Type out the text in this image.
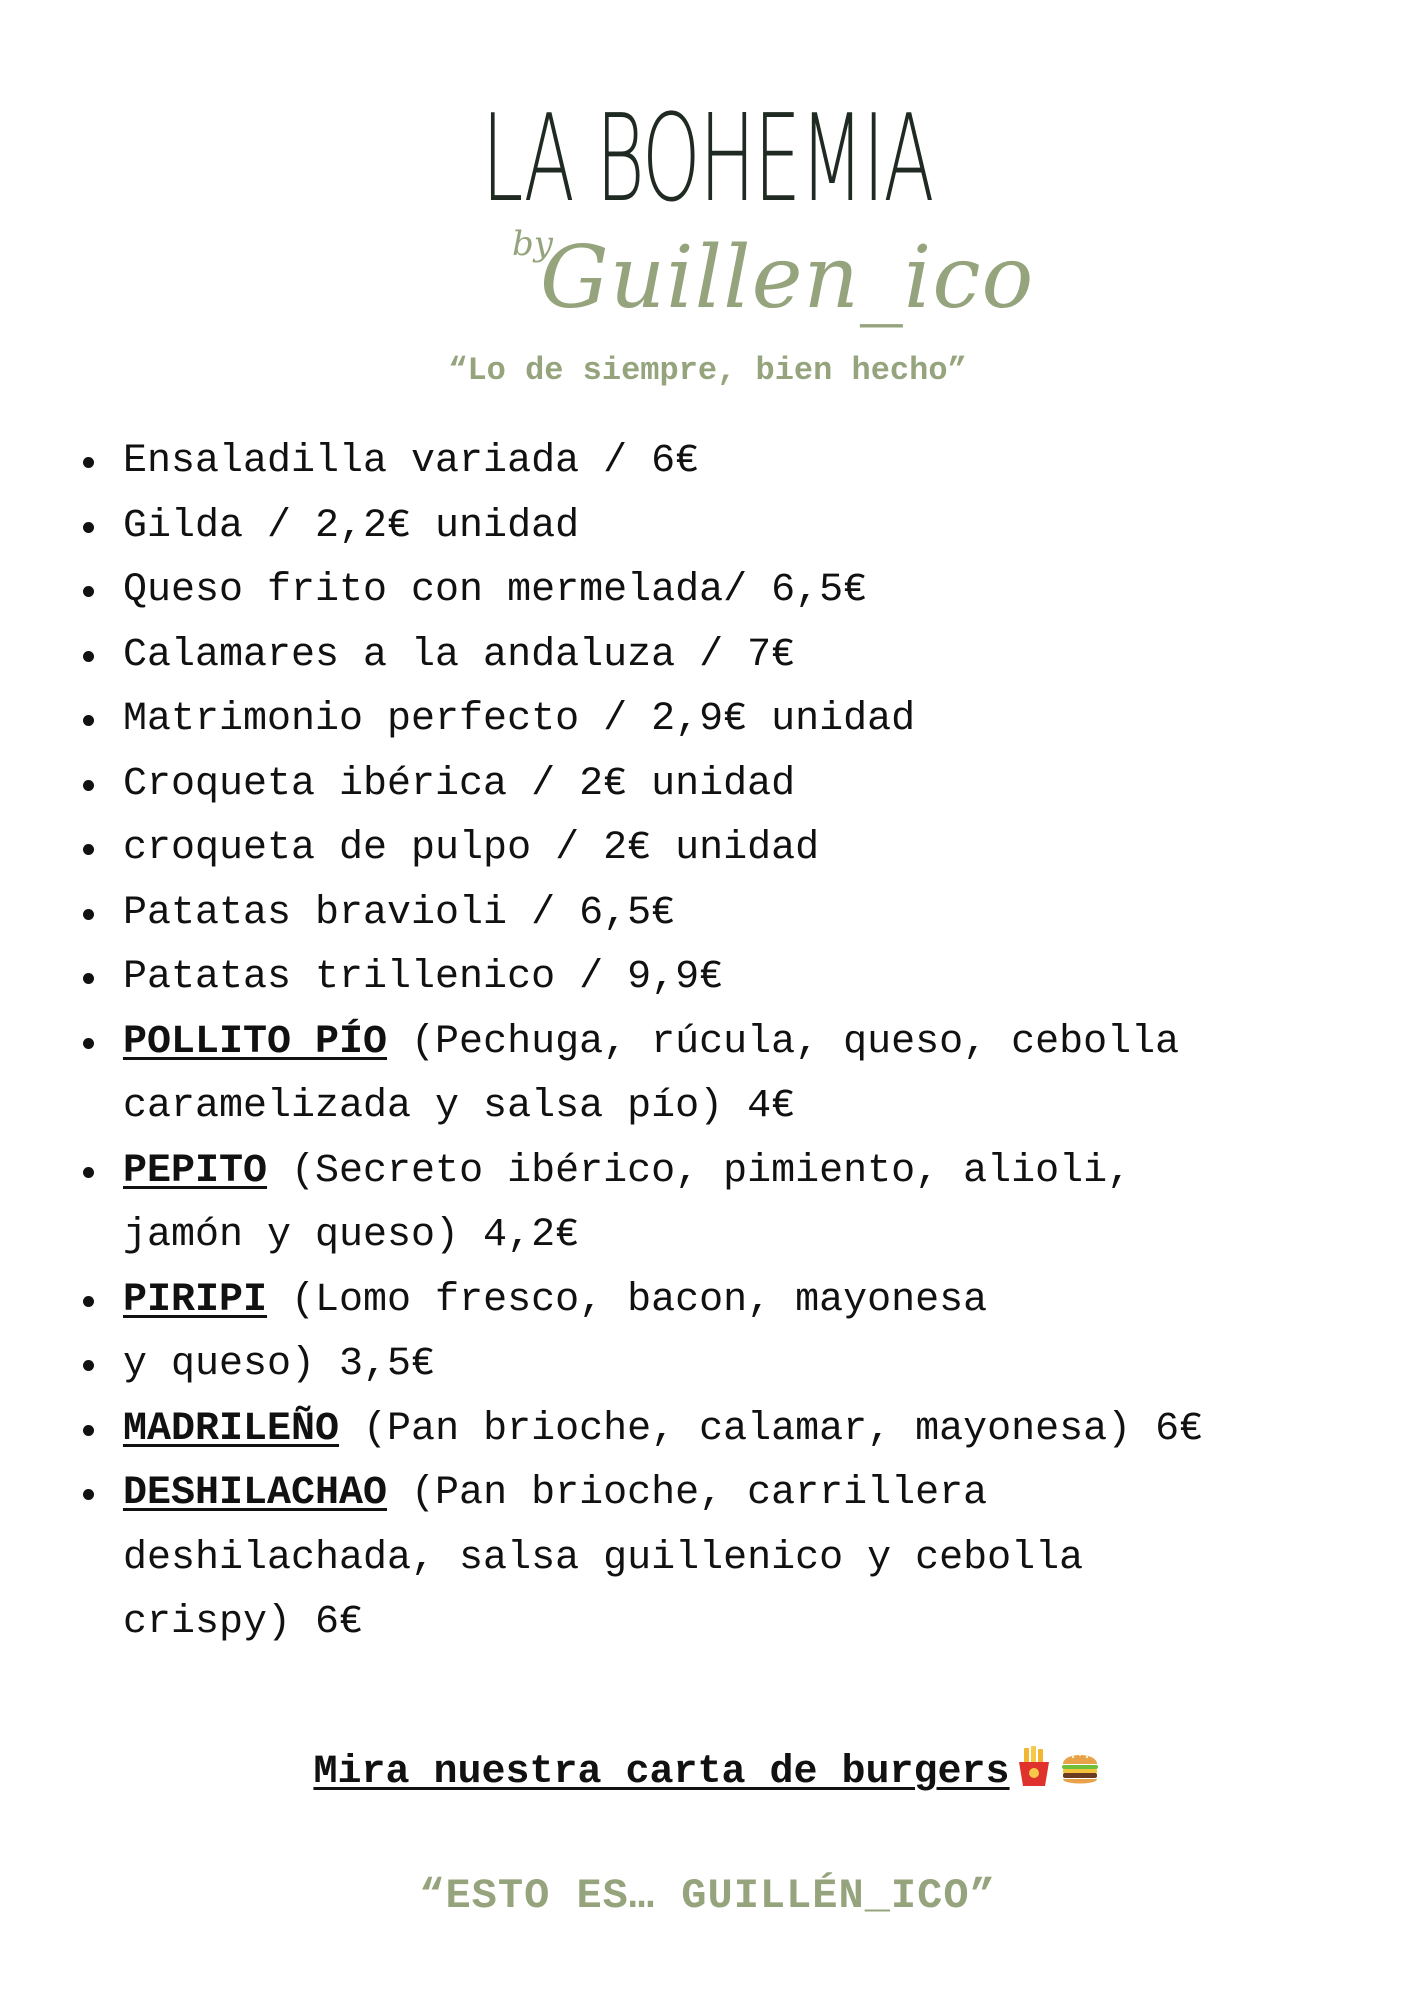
LA BOHEMIA
by
Guillen_ico
“Lo de siempre, bien hecho”
Ensaladilla variada / 6€
Gilda / 2,2€ unidad
Queso frito con mermelada/ 6,5€
Calamares a la andaluza / 7€
Matrimonio perfecto / 2,9€ unidad
Croqueta ibérica / 2€ unidad
croqueta de pulpo / 2€ unidad
Patatas bravioli / 6,5€
Patatas trillenico / 9,9€
POLLITO PÍO (Pechuga, rúcula, queso, cebolla
caramelizada y salsa pío) 4€
PEPITO (Secreto ibérico, pimiento, alioli,
jamón y queso) 4,2€
PIRIPI (Lomo fresco, bacon, mayonesa
y queso) 3,5€
MADRILEÑO (Pan brioche, calamar, mayonesa) 6€
DESHILACHAO (Pan brioche, carrillera
deshilachada, salsa guillenico y cebolla
crispy) 6€
Mira nuestra carta de burgers
“ESTO ES… GUILLÉN_ICO”
